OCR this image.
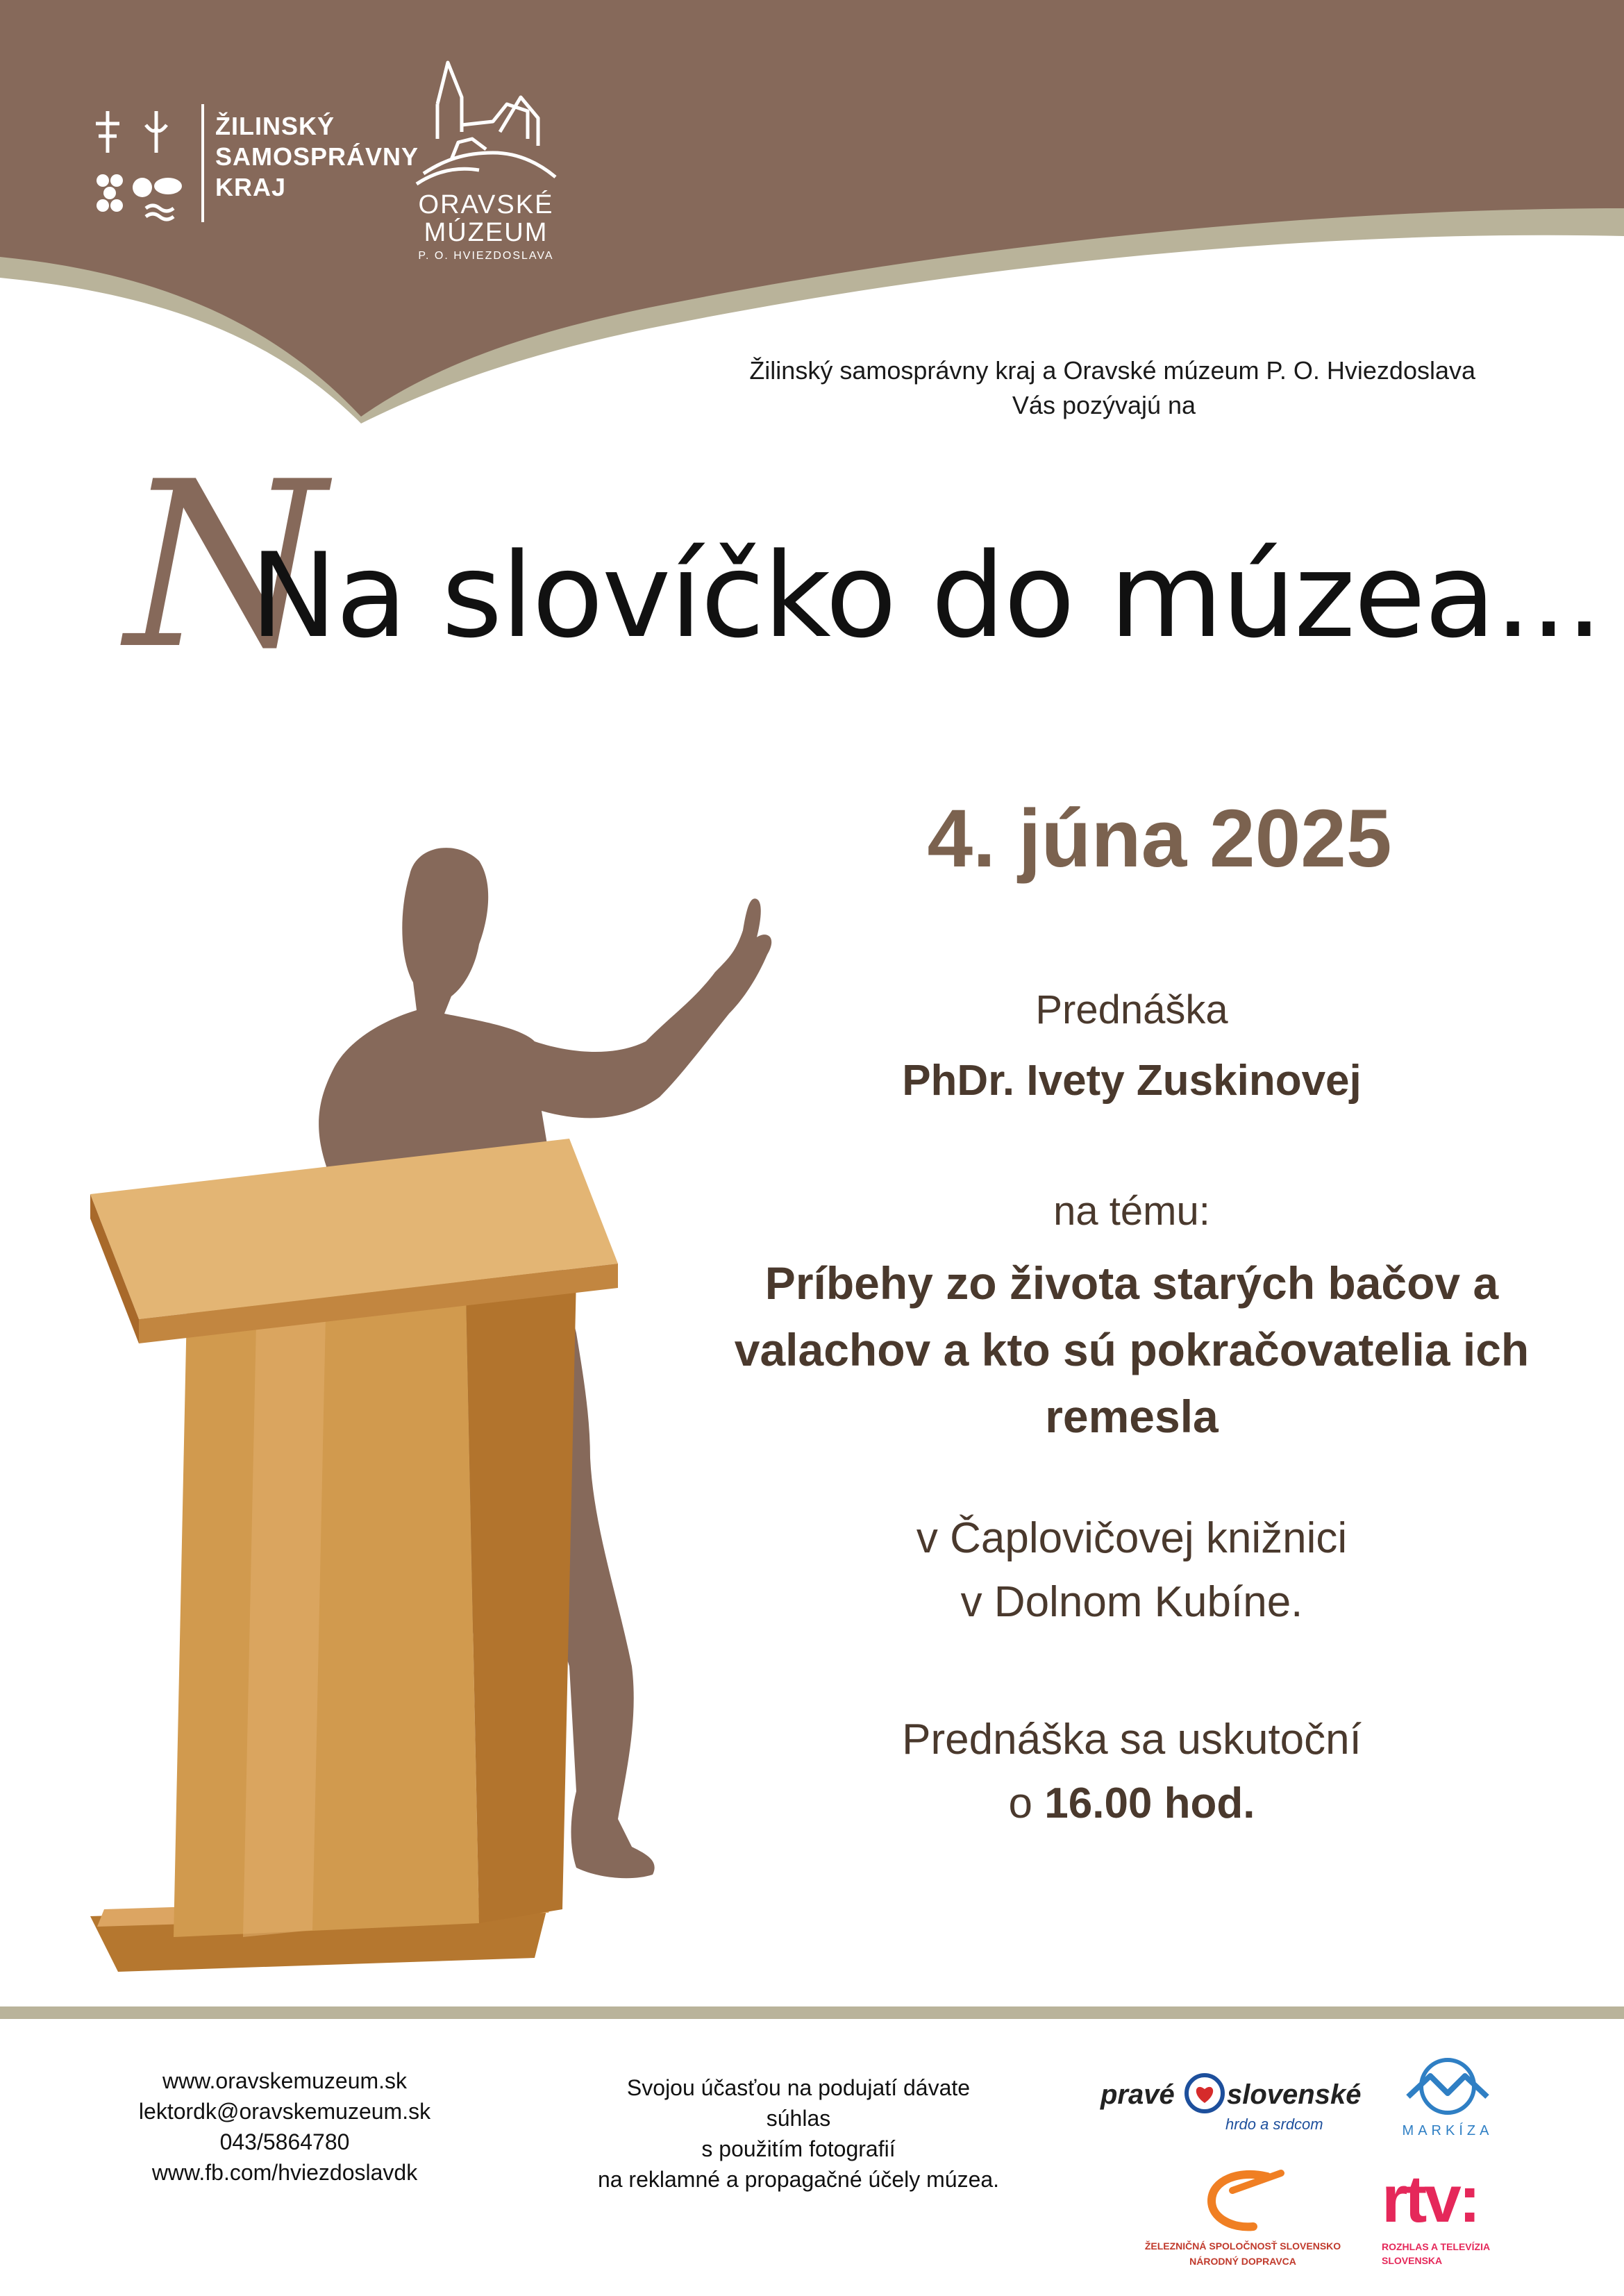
ŽILINSKÝ
SAMOSPRÁVNY
KRAJ
ORAVSKÉ
MÚZEUM
P. O. HVIEZDOSLAVA
Žilinský samosprávny kraj a Oravské múzeum P. O. Hviezdoslava
Vás pozývajú na
N
Na slovíčko do múzea...
4. júna 2025
Prednáška
PhDr. Ivety Zuskinovej
na tému:
Príbehy zo života starých bačov a
valachov a kto sú pokračovatelia ich
remesla
v Čaplovičovej knižnici
v Dolnom Kubíne.
Prednáška sa uskutoční
o 16.00 hod.
www.oravskemuzeum.sk
lektordk@oravskemuzeum.sk
043/5864780
www.fb.com/hviezdoslavdk
Svojou účasťou na podujatí dávate
súhlas
s použitím fotografií
na reklamné a propagačné účely múzea.
pravé slovenské
hrdo a srdcom	MARKÍZA
ŽELEZNIČNÁ SPOLOČNOSŤ SLOVENSKO
NÁRODNÝ DOPRAVCA
rtv:
ROZHLAS A TELEVÍZIA
SLOVENSKA
